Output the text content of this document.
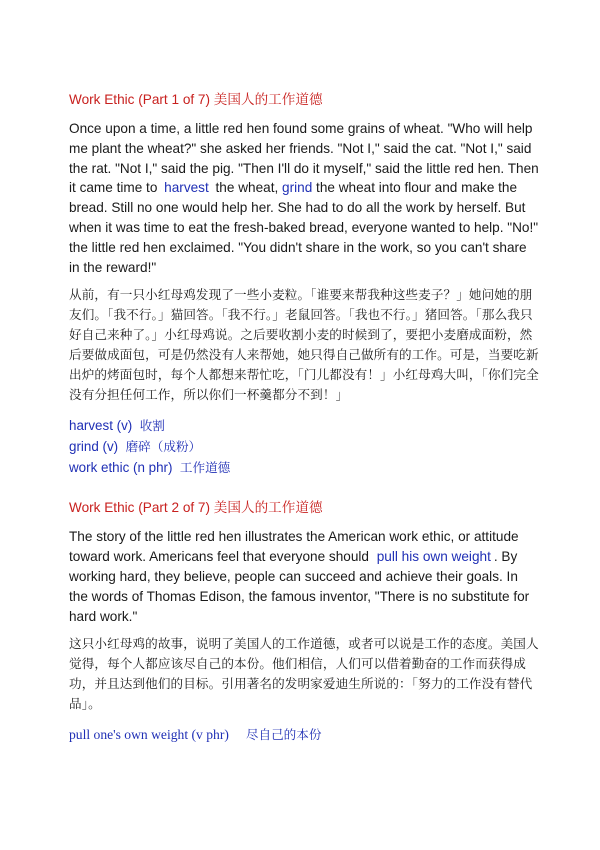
Work Ethic (Part 1 of 7) 美国人的工作道德

Once upon a time, a little red hen found some grains of wheat. "Who will help me plant the wheat?" she asked her friends. "Not I," said the cat. "Not I," said the rat. "Not I," said the pig. "Then I'll do it myself," said the little red hen. Then it came time to harvest the wheat, grind the wheat into flour and make the bread. Still no one would help her. She had to do all the work by herself. But when it was time to eat the fresh-baked bread, everyone wanted to help. "No!" the little red hen exclaimed. "You didn't share in the work, so you can't share in the reward!"

从前，有一只小红母鸡发现了一些小麦粒。「谁要来帮我种这些麦子？」她问她的朋友们。「我不行。」猫回答。「我不行。」老鼠回答。「我也不行。」猪回答。「那么我只好自己来种了。」小红母鸡说。之后要收割小麦的时候到了，要把小麦磨成面粉，然后要做成面包，可是仍然没有人来帮她，她只得自己做所有的工作。可是，当要吃新出炉的烤面包时，每个人都想来帮忙吃，「门儿都没有！」小红母鸡大叫，「你们完全没有分担任何工作，所以你们一杯羹都分不到！」

harvest (v) 收割
grind (v) 磨碎（成粉）
work ethic (n phr) 工作道德
Work Ethic (Part 2 of 7) 美国人的工作道德

The story of the little red hen illustrates the American work ethic, or attitude toward work. Americans feel that everyone should pull his own weight . By working hard, they believe, people can succeed and achieve their goals. In the words of Thomas Edison, the famous inventor, "There is no substitute for hard work."

这只小红母鸡的故事，说明了美国人的工作道德，或者可以说是工作的态度。美国人觉得，每个人都应该尽自己的本份。他们相信，人们可以借着勤奋的工作而获得成功，并且达到他们的目标。引用著名的发明家爱迪生所说的：「努力的工作没有替代品」。

pull one's own weight (v phr) 尽自己的本份
